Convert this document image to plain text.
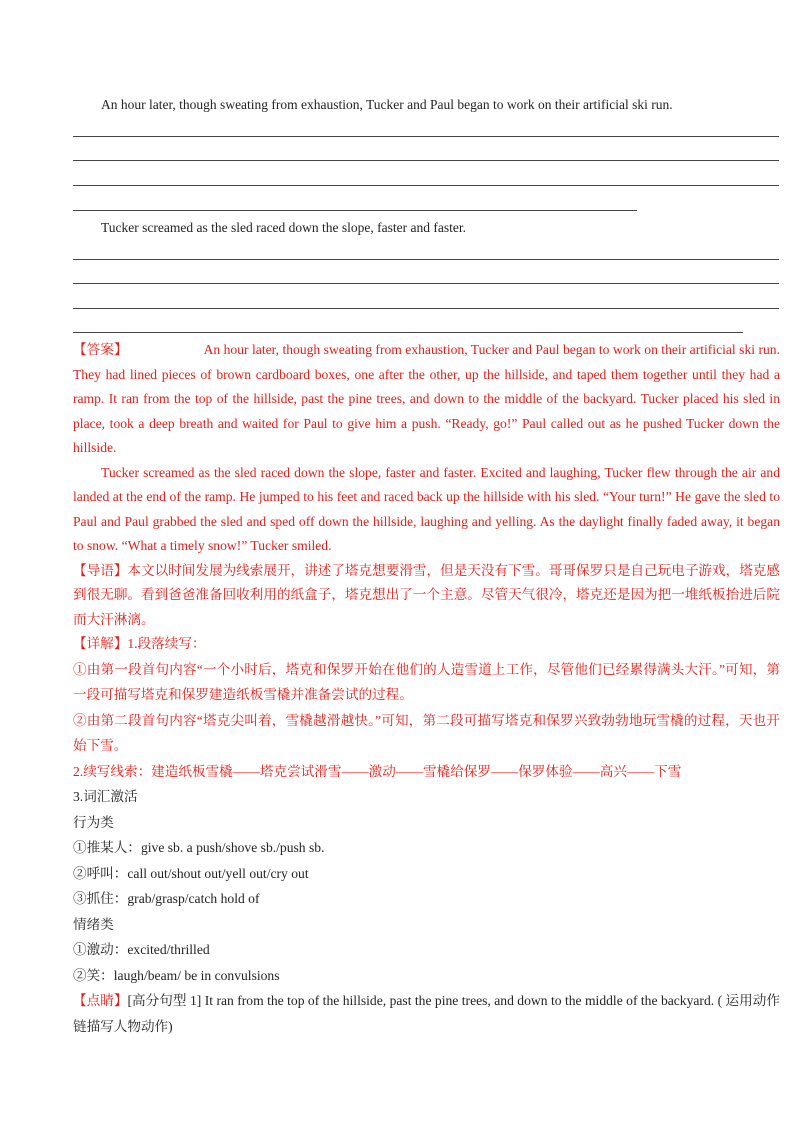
An hour later, though sweating from exhaustion, Tucker and Paul began to work on their artificial ski run.
Tucker screamed as the sled raced down the slope, faster and faster.

【答案】	An hour later, though sweating from exhaustion, Tucker and Paul began to work on their artificial ski run. They had lined pieces of brown cardboard boxes, one after the other, up the hillside, and taped them together until they had a ramp. It ran from the top of the hillside, past the pine trees, and down to the middle of the backyard. Tucker placed his sled in place, took a deep breath and waited for Paul to give him a push. “Ready, go!” Paul called out as he pushed Tucker down the hillside.

Tucker screamed as the sled raced down the slope, faster and faster. Excited and laughing, Tucker flew through the air and landed at the end of the ramp. He jumped to his feet and raced back up the hillside with his sled. “Your turn!” He gave the sled to Paul and Paul grabbed the sled and sped off down the hillside, laughing and yelling. As the daylight finally faded away, it began to snow. “What a timely snow!” Tucker smiled.

【导语】本文以时间发展为线索展开，讲述了塔克想要滑雪，但是天没有下雪。哥哥保罗只是自己玩电子游戏，塔克感到很无聊。看到爸爸准备回收利用的纸盒子，塔克想出了一个主意。尽管天气很冷，塔克还是因为把一堆纸板抬进后院而大汗淋漓。

【详解】1.段落续写：

①由第一段首句内容“一个小时后，塔克和保罗开始在他们的人造雪道上工作，尽管他们已经累得满头大汗。”可知，第一段可描写塔克和保罗建造纸板雪橇并准备尝试的过程。

②由第二段首句内容“塔克尖叫着，雪橇越滑越快。”可知，第二段可描写塔克和保罗兴致勃勃地玩雪橇的过程，天也开始下雪。

2.续写线索：建造纸板雪橇——塔克尝试滑雪——激动——雪橇给保罗——保罗体验——高兴——下雪

3.词汇激活

行为类

①推某人：give sb. a push/shove sb./push sb.

②呼叫：call out/shout out/yell out/cry out

③抓住：grab/grasp/catch hold of

情绪类

①激动：excited/thrilled

②笑：laugh/beam/ be in convulsions

【点睛】[高分句型 1] It ran from the top of the hillside, past the pine trees, and down to the middle of the backyard. ( 运用动作链描写人物动作)
